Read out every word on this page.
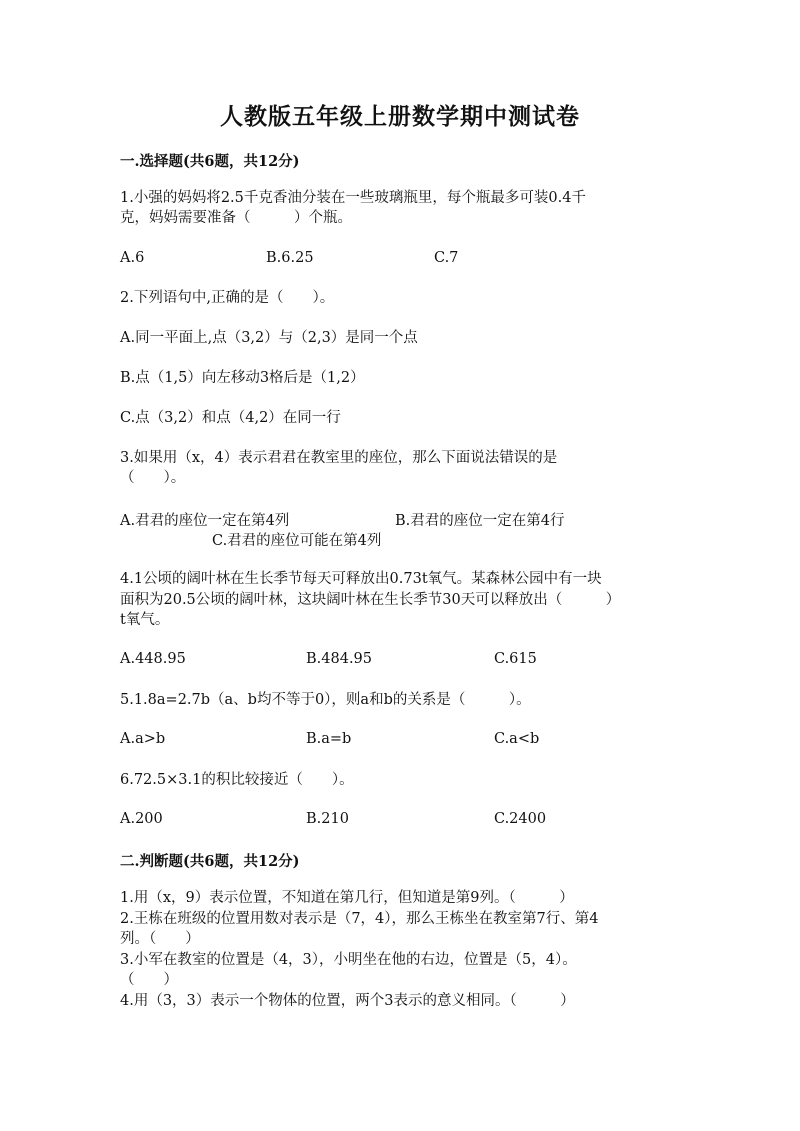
人教版五年级上册数学期中测试卷
一.选择题(共6题，共12分)
1.小强的妈妈将2.5千克香油分装在一些玻璃瓶里，每个瓶最多可装0.4千
克，妈妈需要准备（　　　）个瓶。
A.6	B.6.25	C.7
2.下列语句中,正确的是（　　）。
A.同一平面上,点（3,2）与（2,3）是同一个点
B.点（1,5）向左移动3格后是（1,2）
C.点（3,2）和点（4,2）在同一行
3.如果用（x，4）表示君君在教室里的座位，那么下面说法错误的是
（　　）。
A.君君的座位一定在第4列	B.君君的座位一定在第4行
C.君君的座位可能在第4列
4.1公顷的阔叶林在生长季节每天可释放出0.73t氧气。某森林公园中有一块
面积为20.5公顷的阔叶林，这块阔叶林在生长季节30天可以释放出（　　　）
t氧气。
A.448.95	B.484.95	C.615
5.1.8a=2.7b（a、b均不等于0），则a和b的关系是（　　　）。
A.a>b	B.a=b	C.a<b
6.72.5×3.1的积比较接近（　　）。
A.200	B.210	C.2400
二.判断题(共6题，共12分)
1.用（x，9）表示位置，不知道在第几行，但知道是第9列。（　　　）
2.王栋在班级的位置用数对表示是（7，4），那么王栋坐在教室第7行、第4
列。（　　）
3.小军在教室的位置是（4，3），小明坐在他的右边，位置是（5，4）。
（　　）
4.用（3，3）表示一个物体的位置，两个3表示的意义相同。（　　　）
